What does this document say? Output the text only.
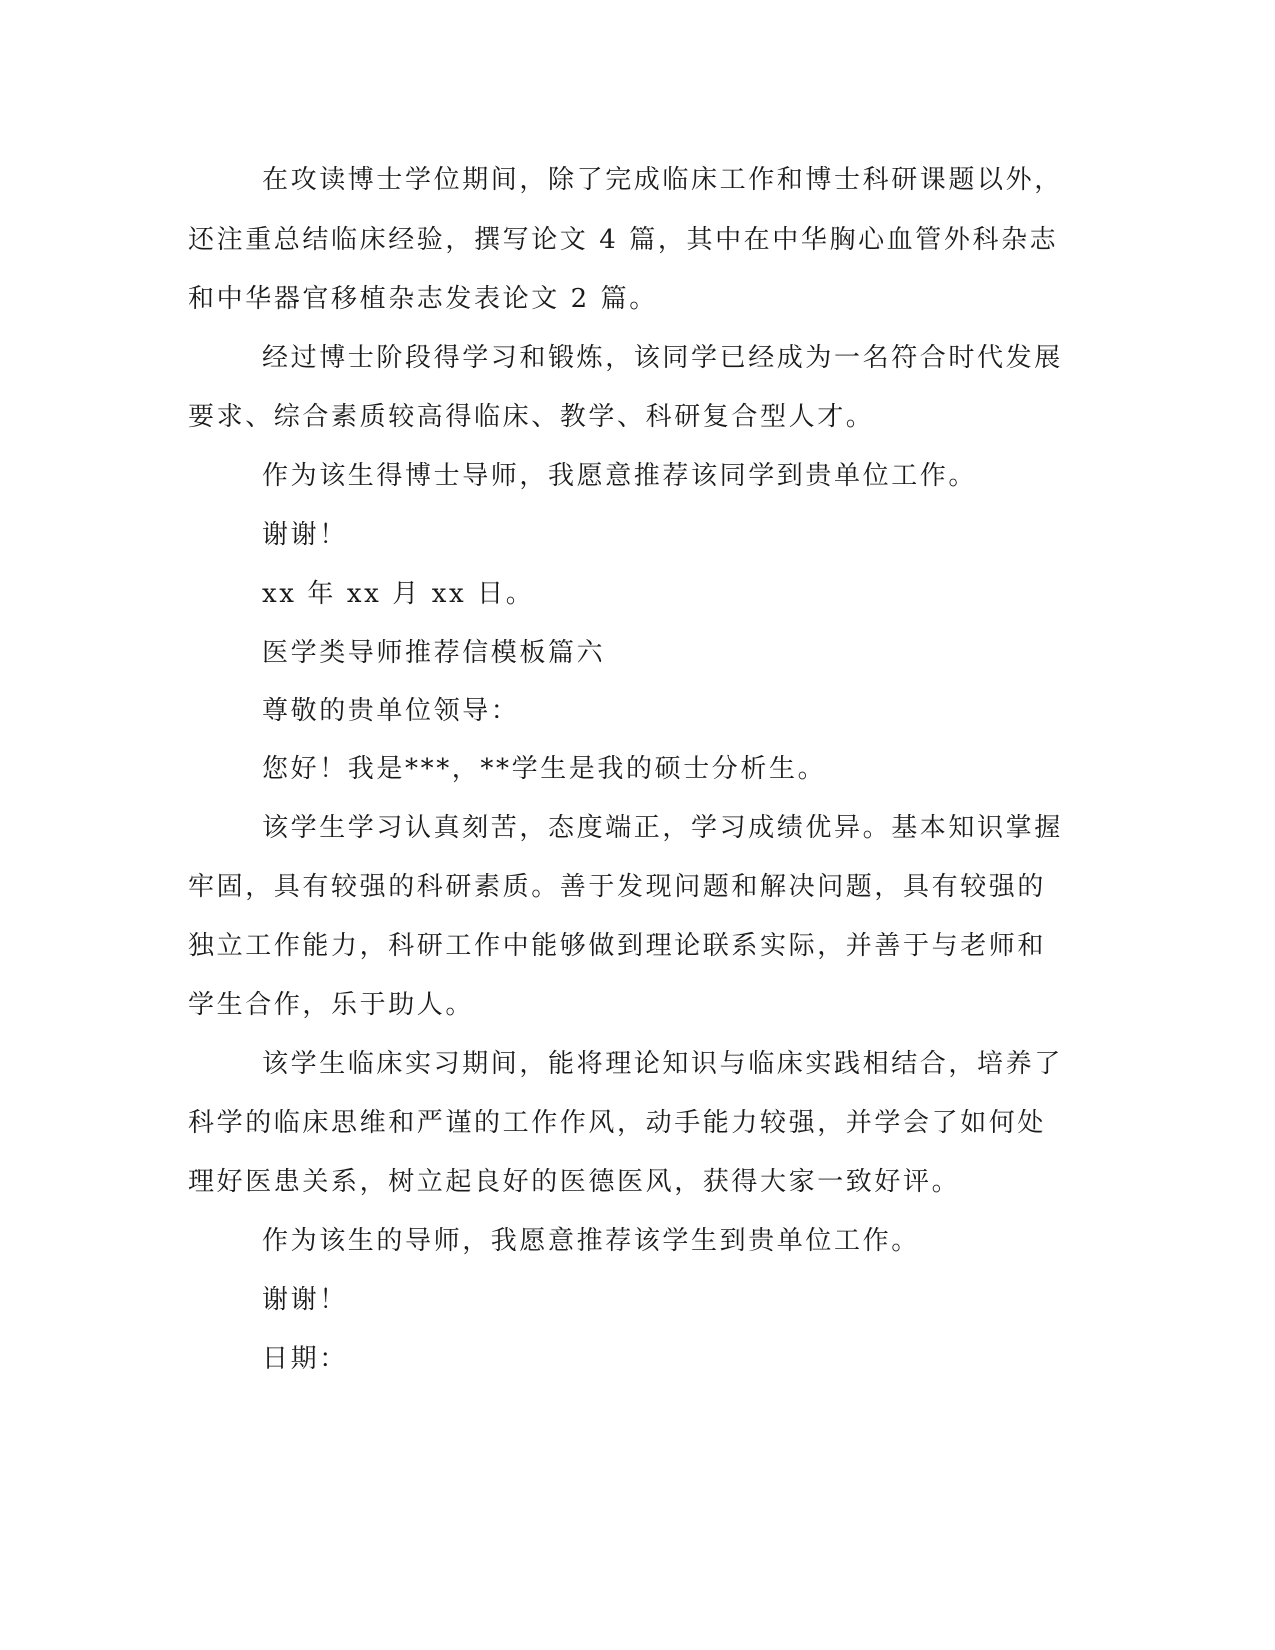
在攻读博士学位期间，除了完成临床工作和博士科研课题以外，
还注重总结临床经验，撰写论文 4 篇，其中在中华胸心血管外科杂志
和中华器官移植杂志发表论文 2 篇。
经过博士阶段得学习和锻炼，该同学已经成为一名符合时代发展
要求、综合素质较高得临床、教学、科研复合型人才。
作为该生得博士导师，我愿意推荐该同学到贵单位工作。
谢谢！
xx 年 xx 月 xx 日。
医学类导师推荐信模板篇六
尊敬的贵单位领导：
您好！我是***，**学生是我的硕士分析生。
该学生学习认真刻苦，态度端正，学习成绩优异。基本知识掌握
牢固，具有较强的科研素质。善于发现问题和解决问题，具有较强的
独立工作能力，科研工作中能够做到理论联系实际，并善于与老师和
学生合作，乐于助人。
该学生临床实习期间，能将理论知识与临床实践相结合，培养了
科学的临床思维和严谨的工作作风，动手能力较强，并学会了如何处
理好医患关系，树立起良好的医德医风，获得大家一致好评。
作为该生的导师，我愿意推荐该学生到贵单位工作。
谢谢！
日期：
